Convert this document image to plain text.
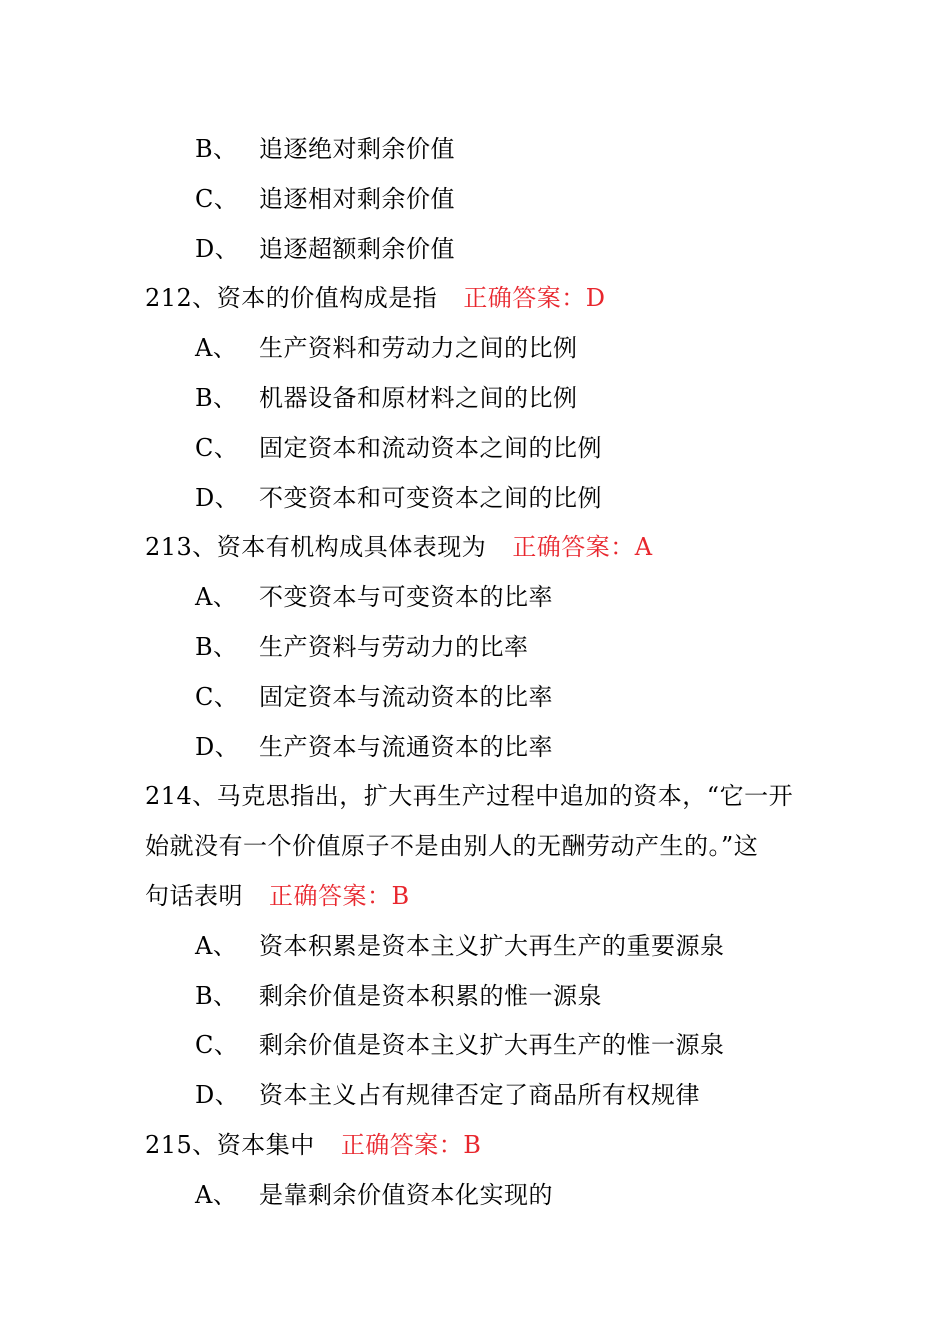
B、 追逐绝对剩余价值
C、 追逐相对剩余价值
D、 追逐超额剩余价值
212、资本的价值构成是指 正确答案：D
A、 生产资料和劳动力之间的比例
B、 机器设备和原材料之间的比例
C、 固定资本和流动资本之间的比例
D、 不变资本和可变资本之间的比例
213、资本有机构成具体表现为 正确答案：A
A、 不变资本与可变资本的比率
B、 生产资料与劳动力的比率
C、 固定资本与流动资本的比率
D、 生产资本与流通资本的比率
214、马克思指出，扩大再生产过程中追加的资本，“它一开
始就没有一个价值原子不是由别人的无酬劳动产生的。”这
句话表明 正确答案：B
A、 资本积累是资本主义扩大再生产的重要源泉
B、 剩余价值是资本积累的惟一源泉
C、 剩余价值是资本主义扩大再生产的惟一源泉
D、 资本主义占有规律否定了商品所有权规律
215、资本集中 正确答案：B
A、 是靠剩余价值资本化实现的
